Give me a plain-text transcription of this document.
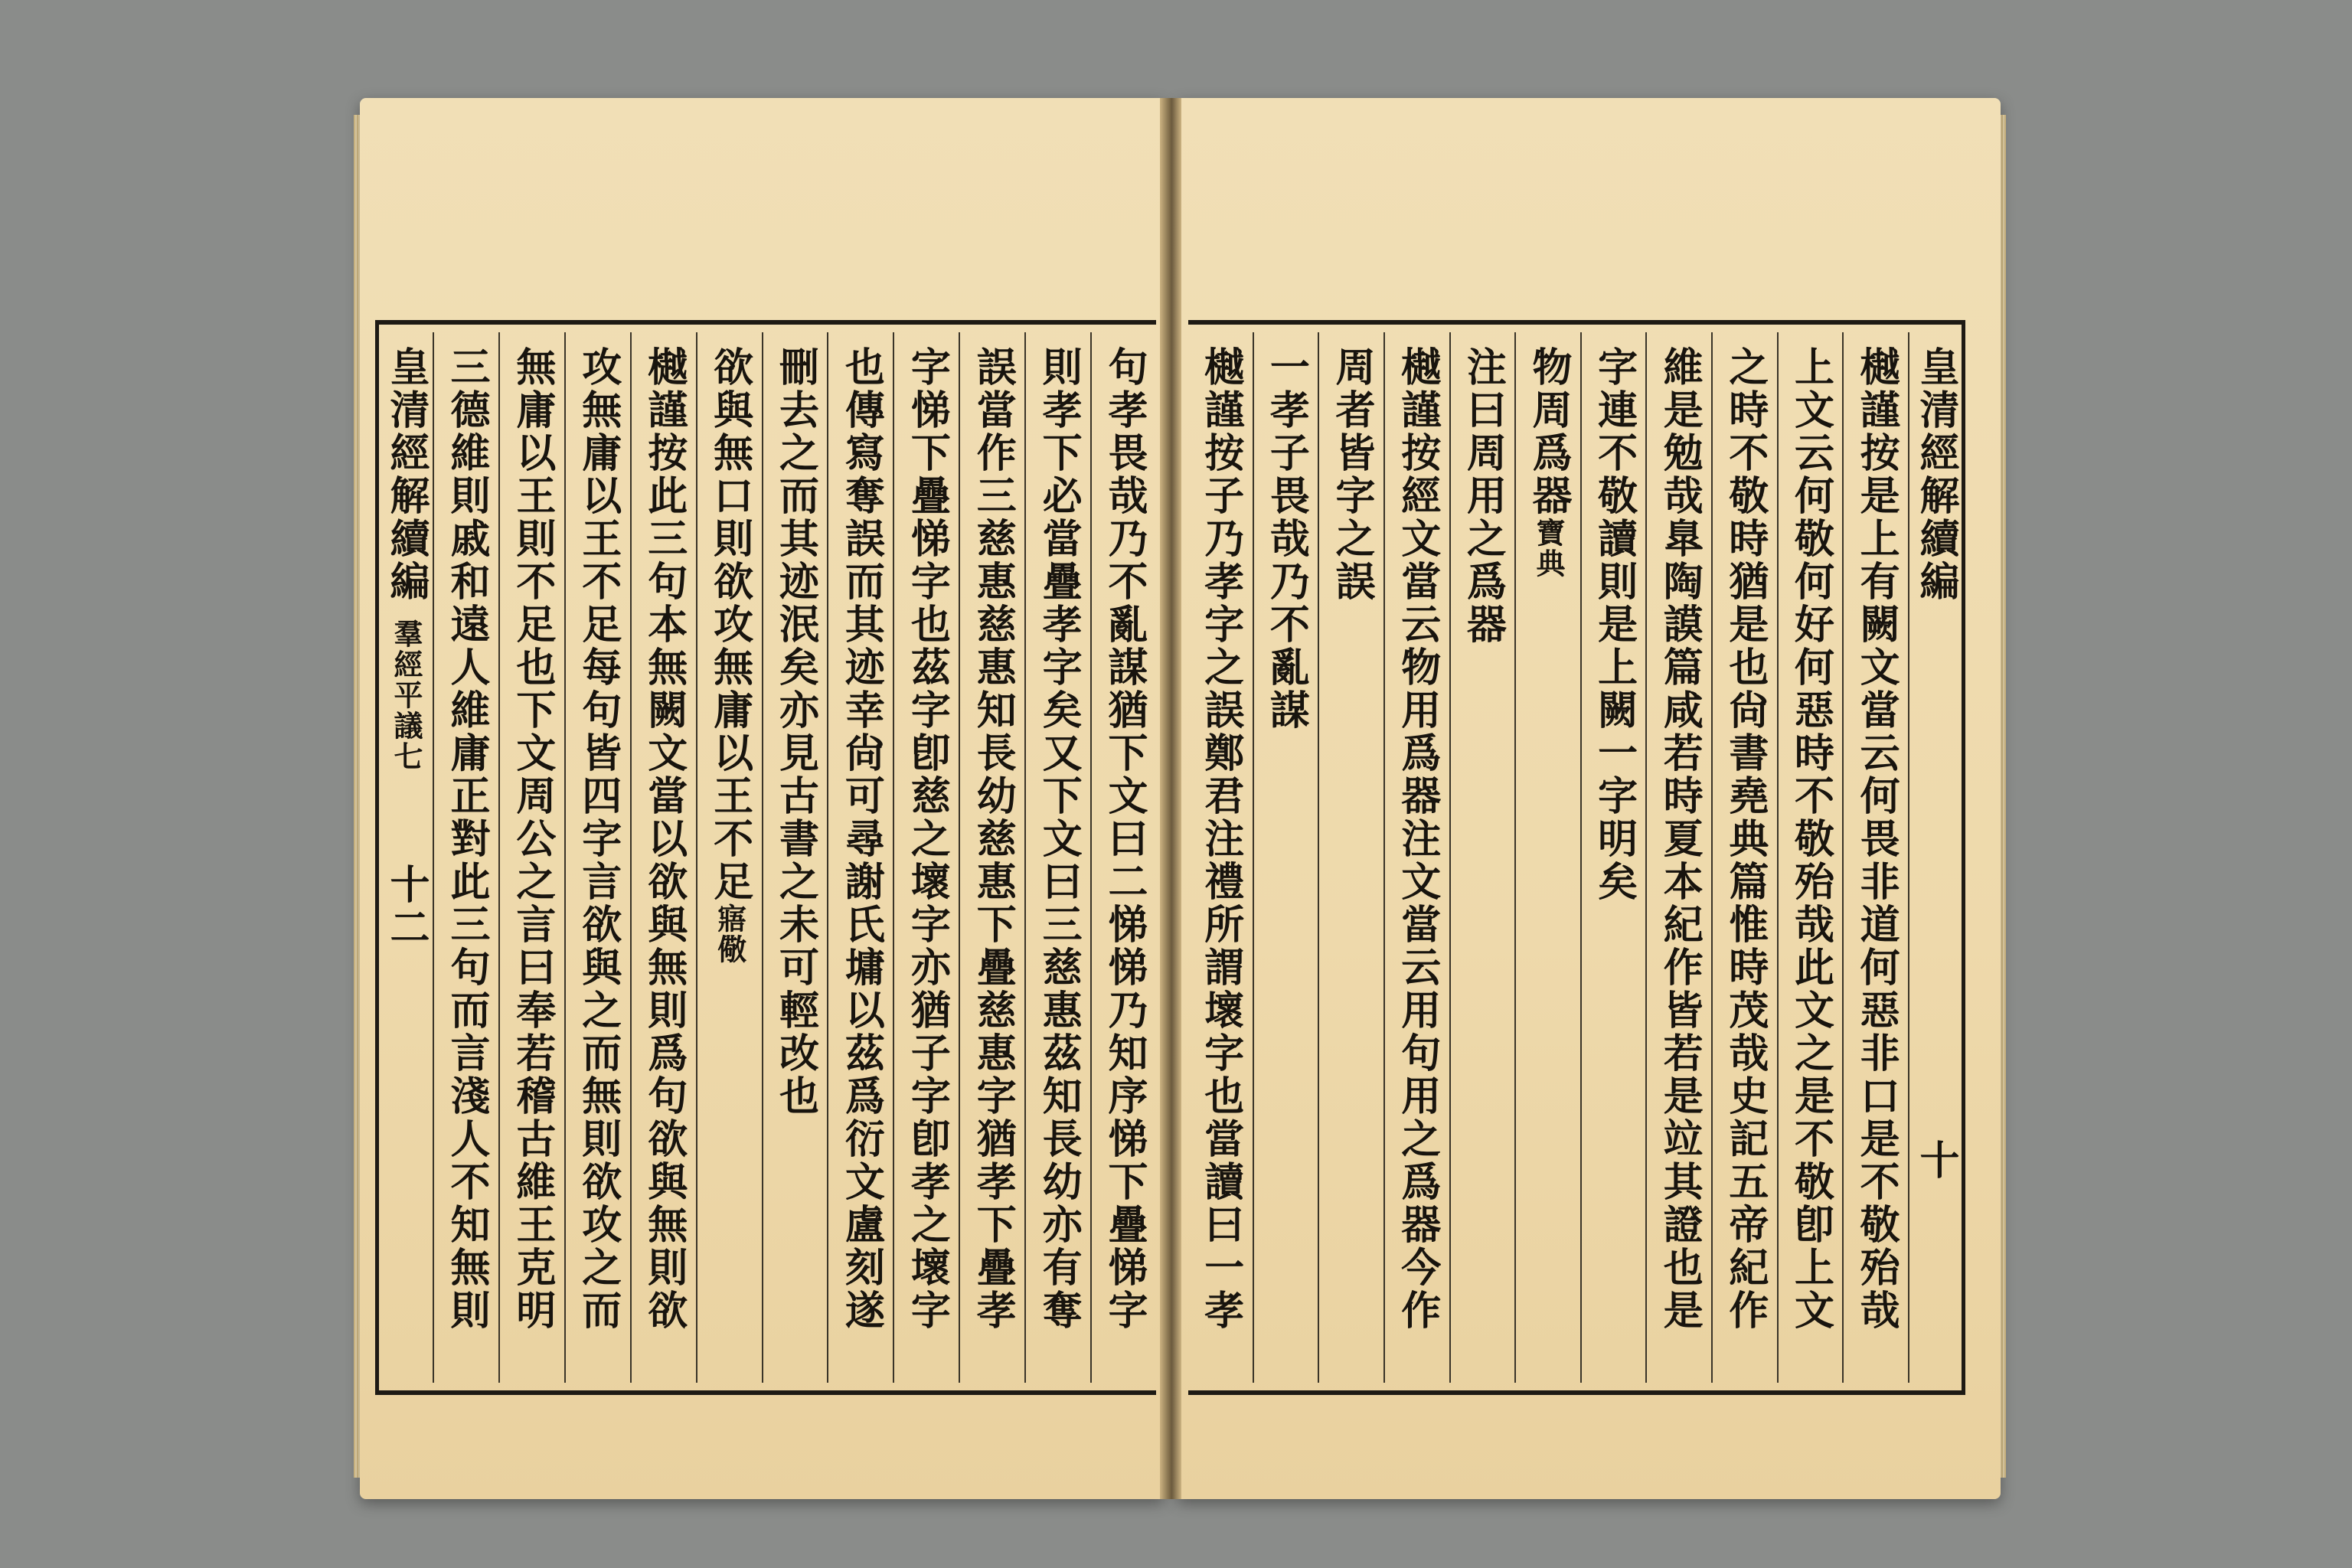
句孝畏哉乃不亂謀猶下文曰二悌悌乃知序悌下疊悌字
則孝下必當疊孝字矣又下文曰三慈惠茲知長幼亦有奪
誤當作三慈惠慈惠知長幼慈惠下疊慈惠字猶孝下疊孝
字悌下疊悌字也茲字卽慈之壞字亦猶子字卽孝之壞字
也傳寫奪誤而其迹幸尙可尋謝氏墉以茲爲衍文盧刻遂
刪去之而其迹泯矣亦見古書之未可輕改也
欲與無口則欲攻無庸以王不足
寤儆
樾謹按此三句本無闕文當以欲與無則爲句欲與無則欲
攻無庸以王不足每句皆四字言欲與之而無則欲攻之而
無庸以王則不足也下文周公之言曰奉若稽古維王克明
三德維則戚和遠人維庸正對此三句而言淺人不知無則
皇清經解續編
羣經平議七
十二
皇清經解續編
十
樾謹按是上有闕文當云何畏非道何惡非口是不敬殆哉
上文云何敬何好何惡時不敬殆哉此文之是不敬卽上文
之時不敬時猶是也尙書堯典篇惟時茂哉史記五帝紀作
維是勉哉臯陶謨篇咸若時夏本紀作皆若是竝其證也是
字連不敬讀則是上闕一字明矣
物周爲器
寶典
注曰周用之爲器
樾謹按經文當云物用爲器注文當云用句用之爲器今作
周者皆字之誤
一孝子畏哉乃不亂謀
樾謹按子乃孝字之誤鄭君注禮所謂壞字也當讀曰一孝
